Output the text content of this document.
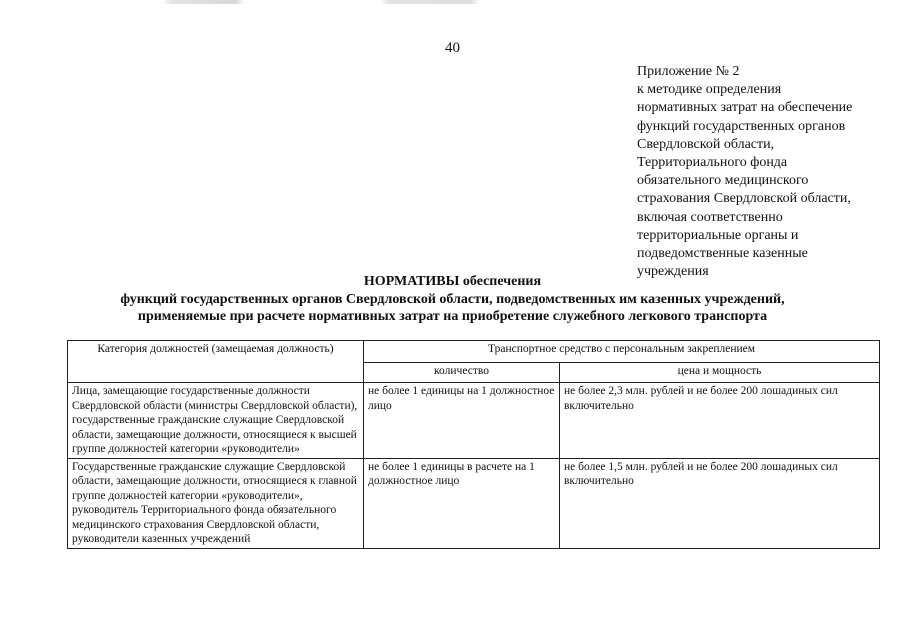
40
Приложение № 2
к методике определения
нормативных затрат на обеспечение
функций государственных органов
Свердловской области,
Территориального фонда
обязательного медицинского
страхования Свердловской области,
включая соответственно
территориальные органы и
подведомственные казенные
учреждения
НОРМАТИВЫ обеспечения
функций государственных органов Свердловской области, подведомственных им казенных учреждений,
применяемые при расчете нормативных затрат на приобретение служебного легкового транспорта
Категория должностей (замещаемая должность)	Транспортное средство с персональным закреплением	
	количество	цена и мощность
Лица, замещающие государственные должности Свердловской области (министры Свердловской области), государственные гражданские служащие Свердловской области, замещающие должности, относящиеся к высшей группе должностей категории «руководители»	не более 1 единицы на 1 должностное лицо	не более 2,3 млн. рублей и не более 200 лошадиных сил включительно
Государственные гражданские служащие Свердловской области, замещающие должности, относящиеся к главной группе должностей категории «руководители», руководитель Территориального фонда обязательного медицинского страхования Свердловской области, руководители казенных учреждений	не более 1 единицы в расчете на 1 должностное лицо	не более 1,5 млн. рублей и не более 200 лошадиных сил включительно
